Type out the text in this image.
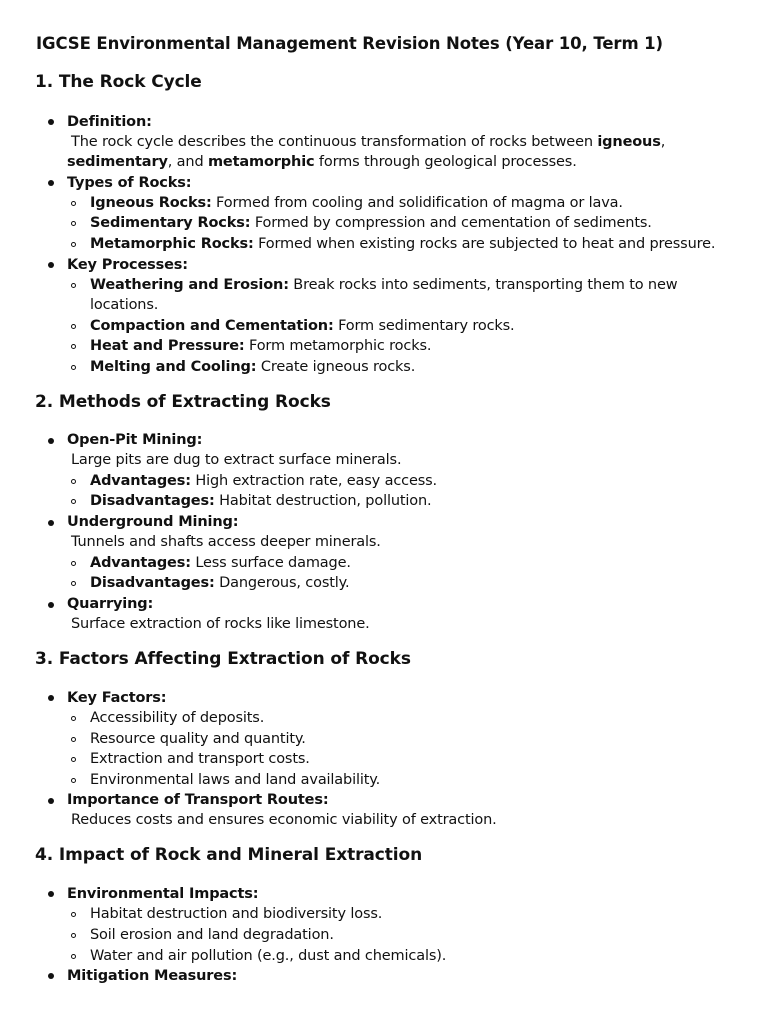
IGCSE Environmental Management Revision Notes (Year 10, Term 1)
1. The Rock Cycle
Definition:
The rock cycle describes the continuous transformation of rocks between igneous,
sedimentary, and metamorphic forms through geological processes.
Types of Rocks:
Igneous Rocks: Formed from cooling and solidification of magma or lava.
Sedimentary Rocks: Formed by compression and cementation of sediments.
Metamorphic Rocks: Formed when existing rocks are subjected to heat and pressure.
Key Processes:
Weathering and Erosion: Break rocks into sediments, transporting them to new
locations.
Compaction and Cementation: Form sedimentary rocks.
Heat and Pressure: Form metamorphic rocks.
Melting and Cooling: Create igneous rocks.
2. Methods of Extracting Rocks
Open-Pit Mining:
Large pits are dug to extract surface minerals.
Advantages: High extraction rate, easy access.
Disadvantages: Habitat destruction, pollution.
Underground Mining:
Tunnels and shafts access deeper minerals.
Advantages: Less surface damage.
Disadvantages: Dangerous, costly.
Quarrying:
Surface extraction of rocks like limestone.
3. Factors Affecting Extraction of Rocks
Key Factors:
Accessibility of deposits.
Resource quality and quantity.
Extraction and transport costs.
Environmental laws and land availability.
Importance of Transport Routes:
Reduces costs and ensures economic viability of extraction.
4. Impact of Rock and Mineral Extraction
Environmental Impacts:
Habitat destruction and biodiversity loss.
Soil erosion and land degradation.
Water and air pollution (e.g., dust and chemicals).
Mitigation Measures:
